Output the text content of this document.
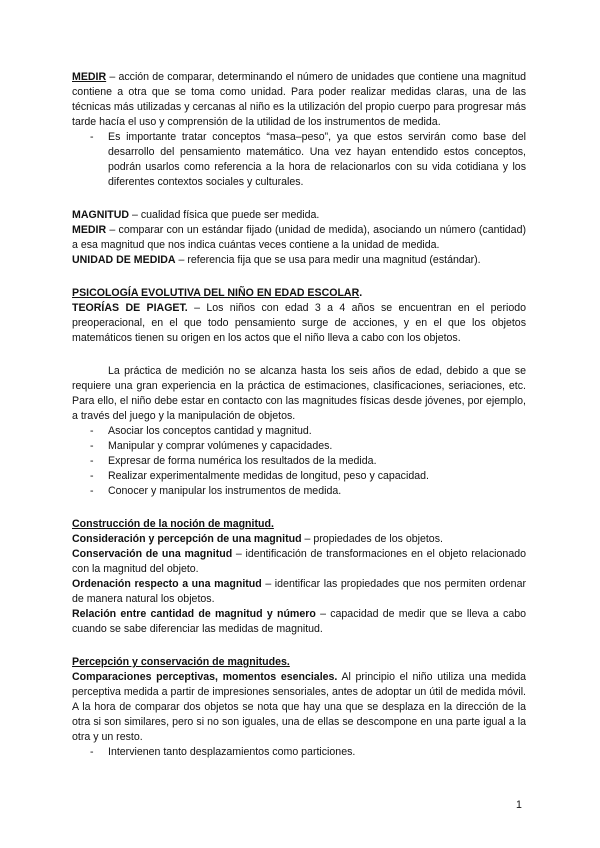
MEDIR – acción de comparar, determinando el número de unidades que contiene una magnitud contiene a otra que se toma como unidad. Para poder realizar medidas claras, una de las técnicas más utilizadas y cercanas al niño es la utilización del propio cuerpo para progresar más tarde hacía el uso y comprensión de la utilidad de los instrumentos de medida.

- Es importante tratar conceptos “masa–peso”, ya que estos servirán como base del desarrollo del pensamiento matemático. Una vez hayan entendido estos conceptos, podrán usarlos como referencia a la hora de relacionarlos con su vida cotidiana y los diferentes contextos sociales y culturales.

MAGNITUD – cualidad física que puede ser medida.

MEDIR – comparar con un estándar fijado (unidad de medida), asociando un número (cantidad) a esa magnitud que nos indica cuántas veces contiene a la unidad de medida.

UNIDAD DE MEDIDA – referencia fija que se usa para medir una magnitud (estándar).

PSICOLOGÍA EVOLUTIVA DEL NIÑO EN EDAD ESCOLAR.

TEORÍAS DE PIAGET. – Los niños con edad 3 a 4 años se encuentran en el periodo preoperacional, en el que todo pensamiento surge de acciones, y en el que los objetos matemáticos tienen su origen en los actos que el niño lleva a cabo con los objetos.

La práctica de medición no se alcanza hasta los seis años de edad, debido a que se requiere una gran experiencia en la práctica de estimaciones, clasificaciones, seriaciones, etc. Para ello, el niño debe estar en contacto con las magnitudes físicas desde jóvenes, por ejemplo, a través del juego y la manipulación de objetos.

- Asociar los conceptos cantidad y magnitud.
- Manipular y comprar volúmenes y capacidades.
- Expresar de forma numérica los resultados de la medida.
- Realizar experimentalmente medidas de longitud, peso y capacidad.
- Conocer y manipular los instrumentos de medida.

Construcción de la noción de magnitud.

Consideración y percepción de una magnitud – propiedades de los objetos.

Conservación de una magnitud – identificación de transformaciones en el objeto relacionado con la magnitud del objeto.

Ordenación respecto a una magnitud – identificar las propiedades que nos permiten ordenar de manera natural los objetos.

Relación entre cantidad de magnitud y número – capacidad de medir que se lleva a cabo cuando se sabe diferenciar las medidas de magnitud.

Percepción y conservación de magnitudes.

Comparaciones perceptivas, momentos esenciales. Al principio el niño utiliza una medida perceptiva medida a partir de impresiones sensoriales, antes de adoptar un útil de medida móvil. A la hora de comparar dos objetos se nota que hay una que se desplaza en la dirección de la otra si son similares, pero si no son iguales, una de ellas se descompone en una parte igual a la otra y un resto.

- Intervienen tanto desplazamientos como particiones.
1
